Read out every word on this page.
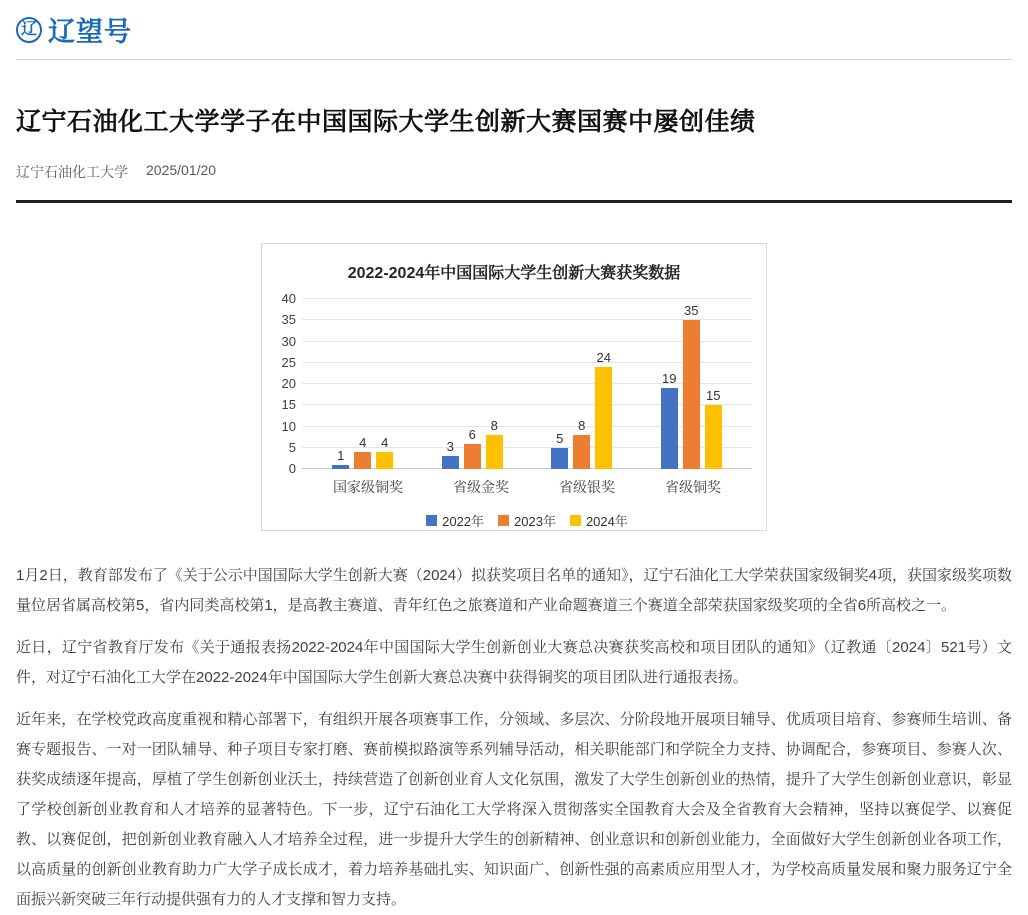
辽 辽望号
辽宁石油化工大学学子在中国国际大学生创新大赛国赛中屡创佳绩
辽宁石油化工大学 2025/01/20
2022-2024年中国国际大学生创新大赛获奖数据
0
5
10
15
20
25
30
35
40
1
4 4	3
6
8
5
8
24
19
35
15
国家级铜奖	省级金奖	省级银奖	省级铜奖
2022年 2023年 2024年

1月2日，教育部发布了《关于公示中国国际大学生创新大赛（2024）拟获奖项目名单的通知》，辽宁石油化工大学荣获国家级铜奖4项，获国家级奖项数量位居省属高校第5，省内同类高校第1，是高教主赛道、青年红色之旅赛道和产业命题赛道三个赛道全部荣获国家级奖项的全省6所高校之一。

近日，辽宁省教育厅发布《关于通报表扬2022-2024年中国国际大学生创新创业大赛总决赛获奖高校和项目团队的通知》（辽教通〔2024〕521号）文件，对辽宁石油化工大学在2022-2024年中国国际大学生创新大赛总决赛中获得铜奖的项目团队进行通报表扬。

近年来，在学校党政高度重视和精心部署下，有组织开展各项赛事工作，分领域、多层次、分阶段地开展项目辅导、优质项目培育、参赛师生培训、备赛专题报告、一对一团队辅导、种子项目专家打磨、赛前模拟路演等系列辅导活动，相关职能部门和学院全力支持、协调配合，参赛项目、参赛人次、获奖成绩逐年提高，厚植了学生创新创业沃土，持续营造了创新创业育人文化氛围，激发了大学生创新创业的热情，提升了大学生创新创业意识，彰显了学校创新创业教育和人才培养的显著特色。下一步，辽宁石油化工大学将深入贯彻落实全国教育大会及全省教育大会精神，坚持以赛促学、以赛促教、以赛促创，把创新创业教育融入人才培养全过程，进一步提升大学生的创新精神、创业意识和创新创业能力，全面做好大学生创新创业各项工作，以高质量的创新创业教育助力广大学子成长成才，着力培养基础扎实、知识面广、创新性强的高素质应用型人才，为学校高质量发展和聚力服务辽宁全面振兴新突破三年行动提供强有力的人才支撑和智力支持。
